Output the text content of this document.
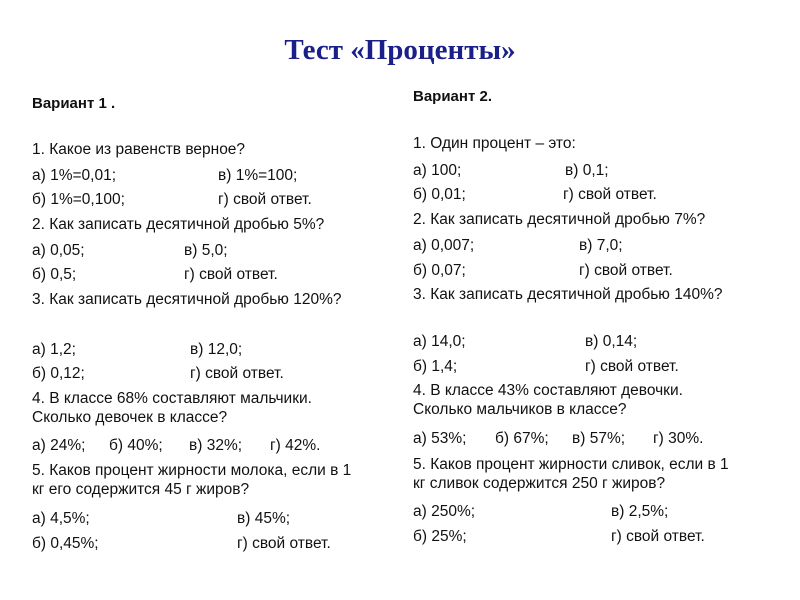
Тест «Проценты»
Вариант 1 .
1. Какое из равенств верное?
а) 1%=0,01;	в) 1%=100;
б) 1%=0,100;	г) свой ответ.
2. Как записать десятичной дробью 5%?
а) 0,05;	в) 5,0;
б) 0,5;	г) свой ответ.
3. Как записать десятичной дробью 120%?
а) 1,2;	в) 12,0;
б) 0,12;	г) свой ответ.
4. В классе 68% составляют мальчики. Сколько девочек в классе?
а) 24%; б) 40%; в) 32%; г) 42%.
5. Каков процент жирности молока, если в 1 кг его содержится 45 г жиров?
а) 4,5%;	в) 45%;
б) 0,45%;	г) свой ответ.
Вариант 2.
1. Один процент – это:
а) 100;	в) 0,1;
б) 0,01;	г) свой ответ.
2. Как записать десятичной дробью 7%?
а) 0,007;	в) 7,0;
б) 0,07;	г) свой ответ.
3. Как записать десятичной дробью 140%?
а) 14,0;	в) 0,14;
б) 1,4;	г) свой ответ.
4. В классе 43% составляют девочки. Сколько мальчиков в классе?
а) 53%; б) 67%; в) 57%; г) 30%.
5. Каков процент жирности сливок, если в 1 кг сливок содержится 250 г жиров?
а) 250%;	в) 2,5%;
б) 25%;	г) свой ответ.
